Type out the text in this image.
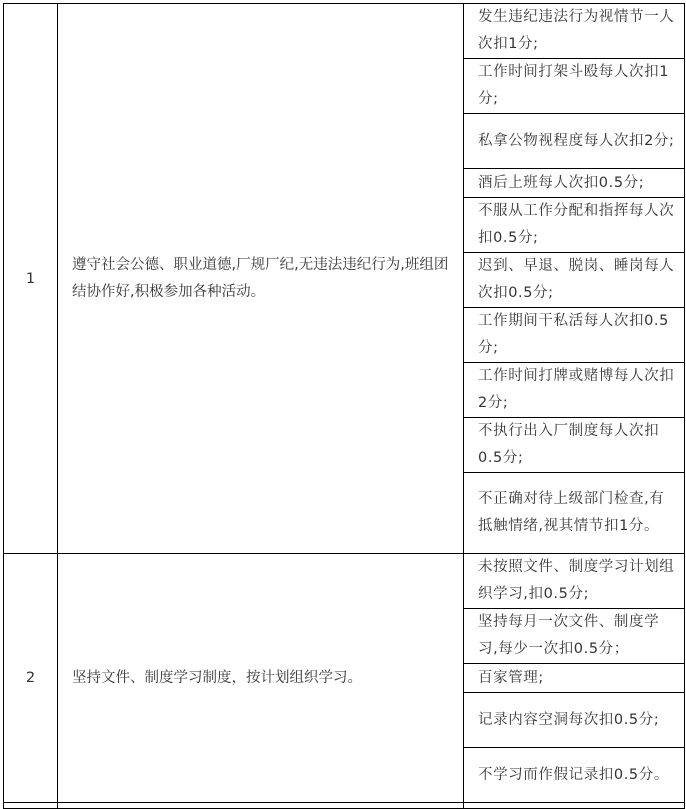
1	遵守社会公德、职业道德,厂规厂纪,无违法违纪行为,班组团结协作好,积极参加各种活动。	发生违纪违法行为视情节一人次扣1分;
		工作时间打架斗殴每人次扣1分;
		私拿公物视程度每人次扣2分;
		酒后上班每人次扣0.5分;
		不服从工作分配和指挥每人次扣0.5分;
		迟到、早退、脱岗、睡岗每人次扣0.5分;
		工作期间干私活每人次扣0.5分;
		工作时间打牌或赌博每人次扣2分;
		不执行出入厂制度每人次扣0.5分;
		不正确对待上级部门检查,有抵触情绪,视其情节扣1分。
2	坚持文件、制度学习制度，按计划组织学习。	未按照文件、制度学习计划组织学习,扣0.5分;
		坚持每月一次文件、制度学习,每少一次扣0.5分；
		百家管理;
		记录内容空洞每次扣0.5分;
		不学习而作假记录扣0.5分。
